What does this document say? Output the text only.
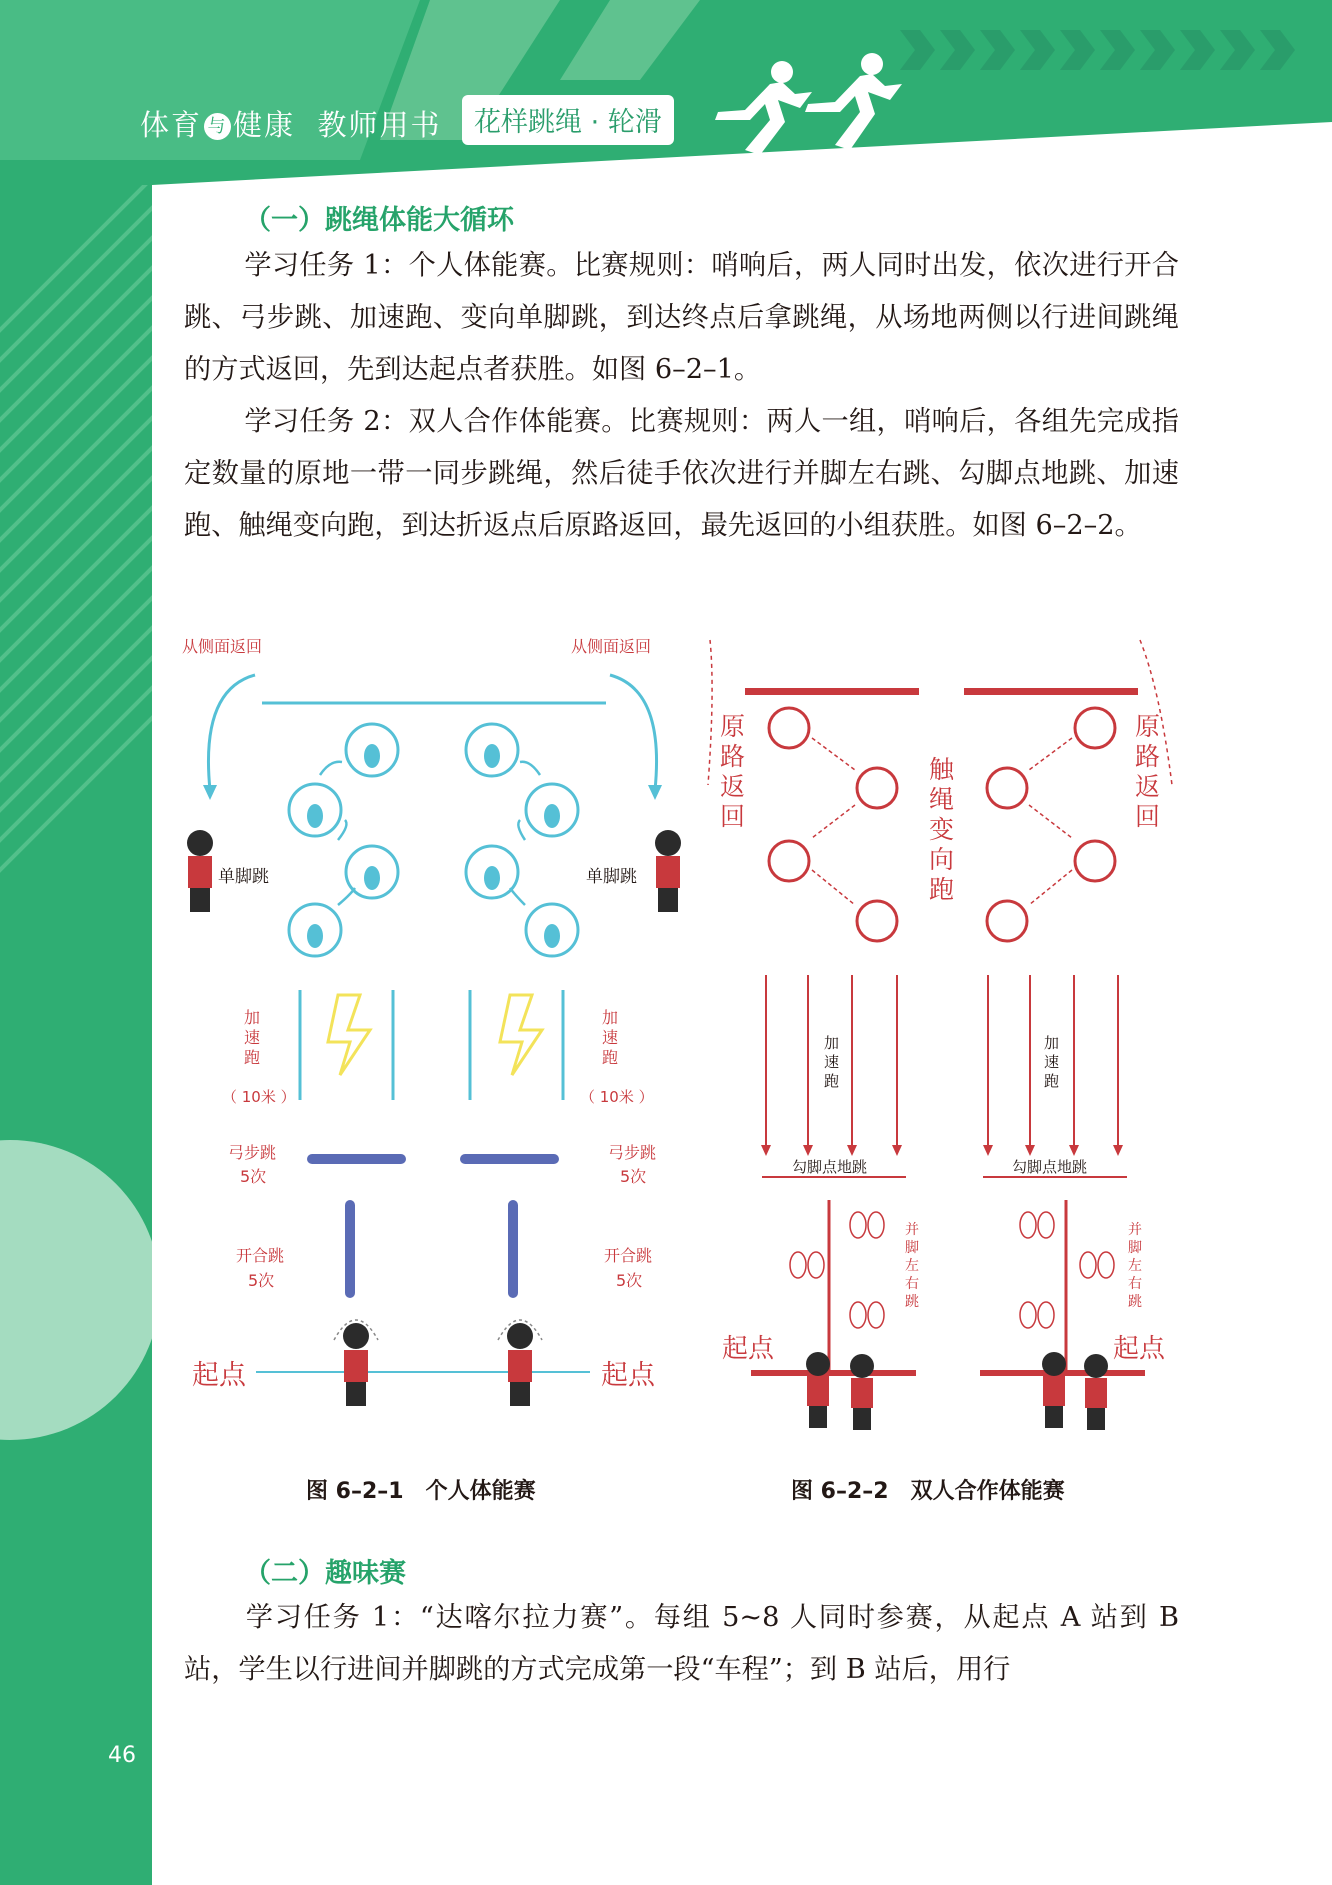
体育 与 健康 教师用书	花样跳绳 · 轮滑
（一）跳绳体能大循环

学习任务 1：个人体能赛。比赛规则：哨响后，两人同时出发，依次进行开合跳、弓步跳、加速跑、变向单脚跳，到达终点后拿跳绳，从场地两侧以行进间跳绳的方式返回，先到达起点者获胜。如图 6–2–1。

学习任务 2：双人合作体能赛。比赛规则：两人一组，哨响后，各组先完成指定数量的原地一带一同步跳绳，然后徒手依次进行并脚左右跳、勾脚点地跳、加速跑、触绳变向跑，到达折返点后原路返回，最先返回的小组获胜。如图 6–2–2。

从侧面返回	从侧面返回
单脚跳	单脚跳
加
速
跑
（ 10米 ）
加
速
跑
（ 10米 ）
弓步跳
5次
弓步跳
5次
开合跳
5次
开合跳
5次
起点	起点
原
路
返
回
原
路
返
回
触
绳
变
向
跑
加
速
跑
加
速
跑
勾脚点地跳	勾脚点地跳
并
脚
左
右
跳
并
脚
左
右
跳
起点	起点
图 6–2–1　个人体能赛	图 6–2–2　双人合作体能赛
（二）趣味赛

学习任务 1：“达喀尔拉力赛”。每组 5~8 人同时参赛，从起点 A 站到 B 站，学生以行进间并脚跳的方式完成第一段“车程”；到 B 站后，用行

46
